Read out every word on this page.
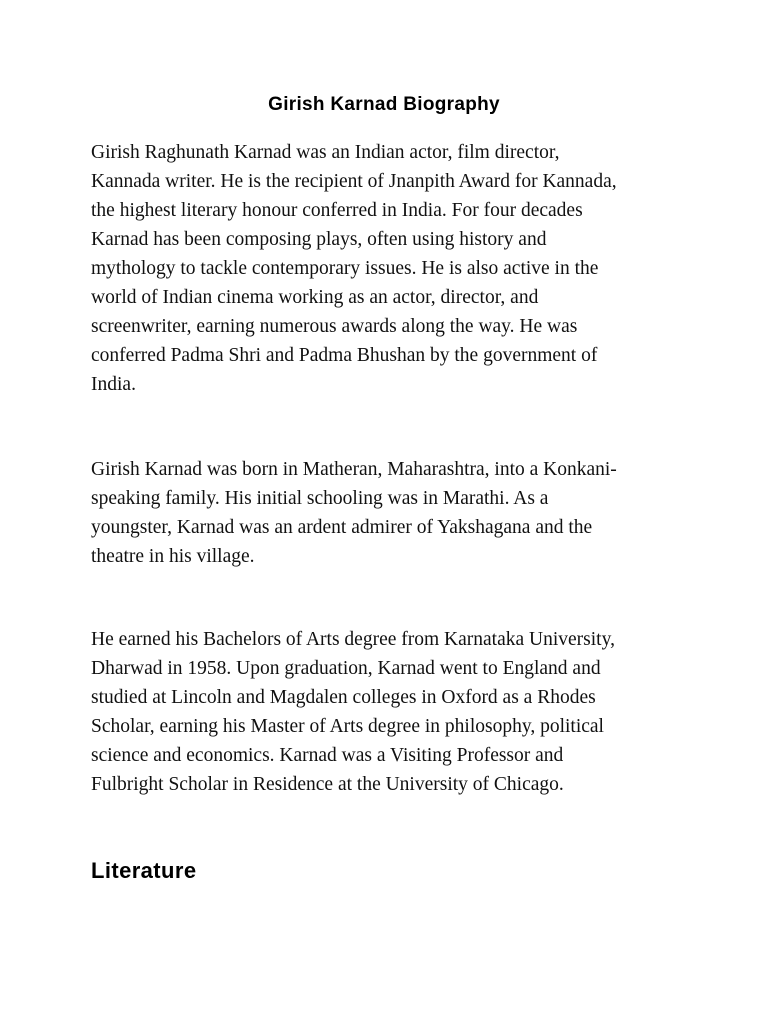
Girish Karnad Biography

Girish Raghunath Karnad was an Indian actor, film director,
Kannada writer. He is the recipient of Jnanpith Award for Kannada,
the highest literary honour conferred in India. For four decades
Karnad has been composing plays, often using history and
mythology to tackle contemporary issues. He is also active in the
world of Indian cinema working as an actor, director, and
screenwriter, earning numerous awards along the way. He was
conferred Padma Shri and Padma Bhushan by the government of
India.

Girish Karnad was born in Matheran, Maharashtra, into a Konkani-
speaking family. His initial schooling was in Marathi. As a
youngster, Karnad was an ardent admirer of Yakshagana and the
theatre in his village.

He earned his Bachelors of Arts degree from Karnataka University,
Dharwad in 1958. Upon graduation, Karnad went to England and
studied at Lincoln and Magdalen colleges in Oxford as a Rhodes
Scholar, earning his Master of Arts degree in philosophy, political
science and economics. Karnad was a Visiting Professor and
Fulbright Scholar in Residence at the University of Chicago.

Literature
